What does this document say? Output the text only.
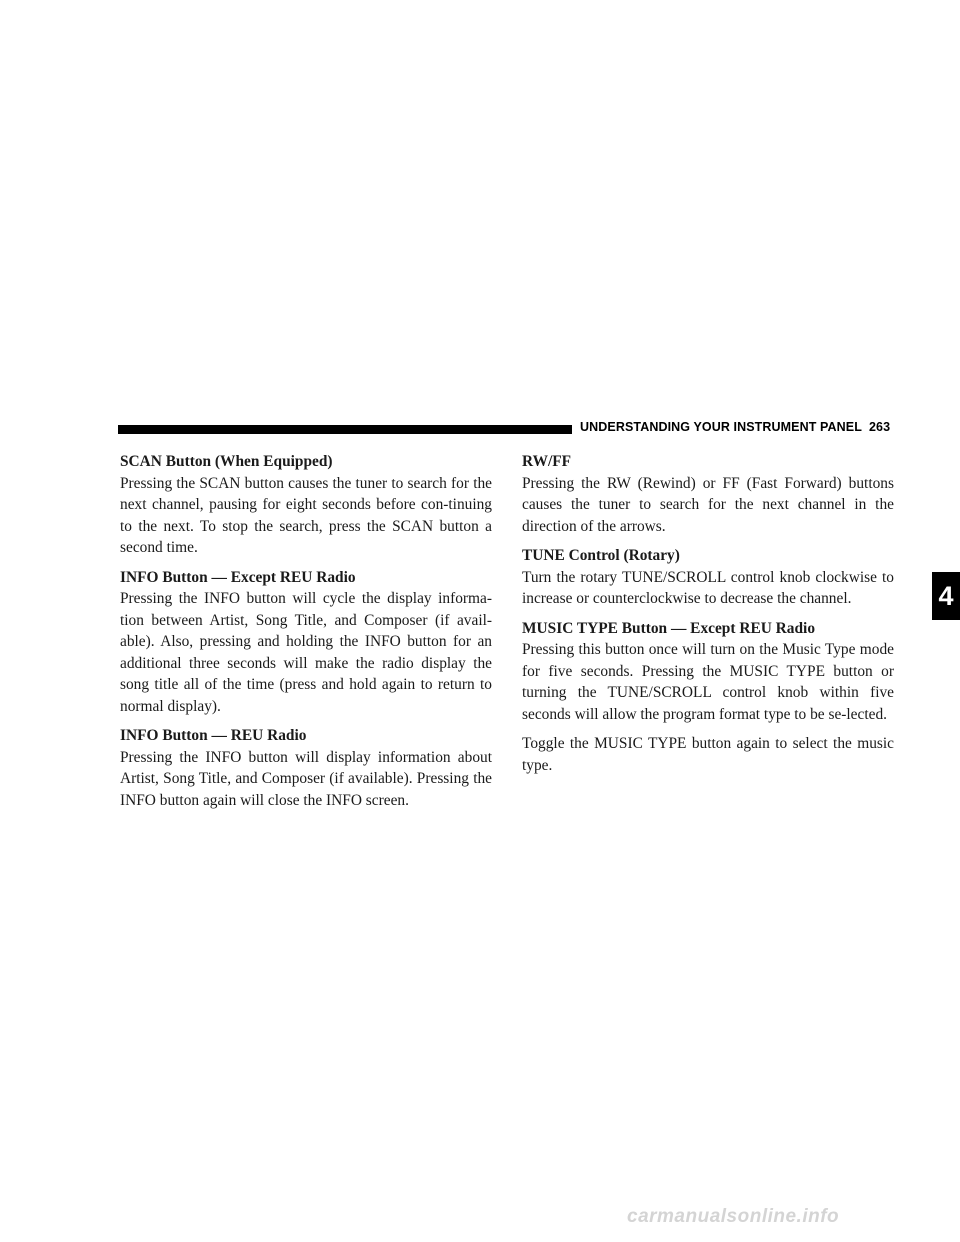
UNDERSTANDING YOUR INSTRUMENT PANEL 263
4
SCAN Button (When Equipped)

Pressing the SCAN button causes the tuner to search for the next channel, pausing for eight seconds before con-tinuing to the next. To stop the search, press the SCAN button a second time.

INFO Button — Except REU Radio

Pressing the INFO button will cycle the display informa-tion between Artist, Song Title, and Composer (if avail-able). Also, pressing and holding the INFO button for an additional three seconds will make the radio display the song title all of the time (press and hold again to return to normal display).

INFO Button — REU Radio

Pressing the INFO button will display information about Artist, Song Title, and Composer (if available). Pressing the INFO button again will close the INFO screen.

RW/FF

Pressing the RW (Rewind) or FF (Fast Forward) buttons causes the tuner to search for the next channel in the direction of the arrows.

TUNE Control (Rotary)

Turn the rotary TUNE/SCROLL control knob clockwise to increase or counterclockwise to decrease the channel.

MUSIC TYPE Button — Except REU Radio

Pressing this button once will turn on the Music Type mode for five seconds. Pressing the MUSIC TYPE button or turning the TUNE/SCROLL control knob within five seconds will allow the program format type to be se-lected.

Toggle the MUSIC TYPE button again to select the music type.

carmanualsonline.info
